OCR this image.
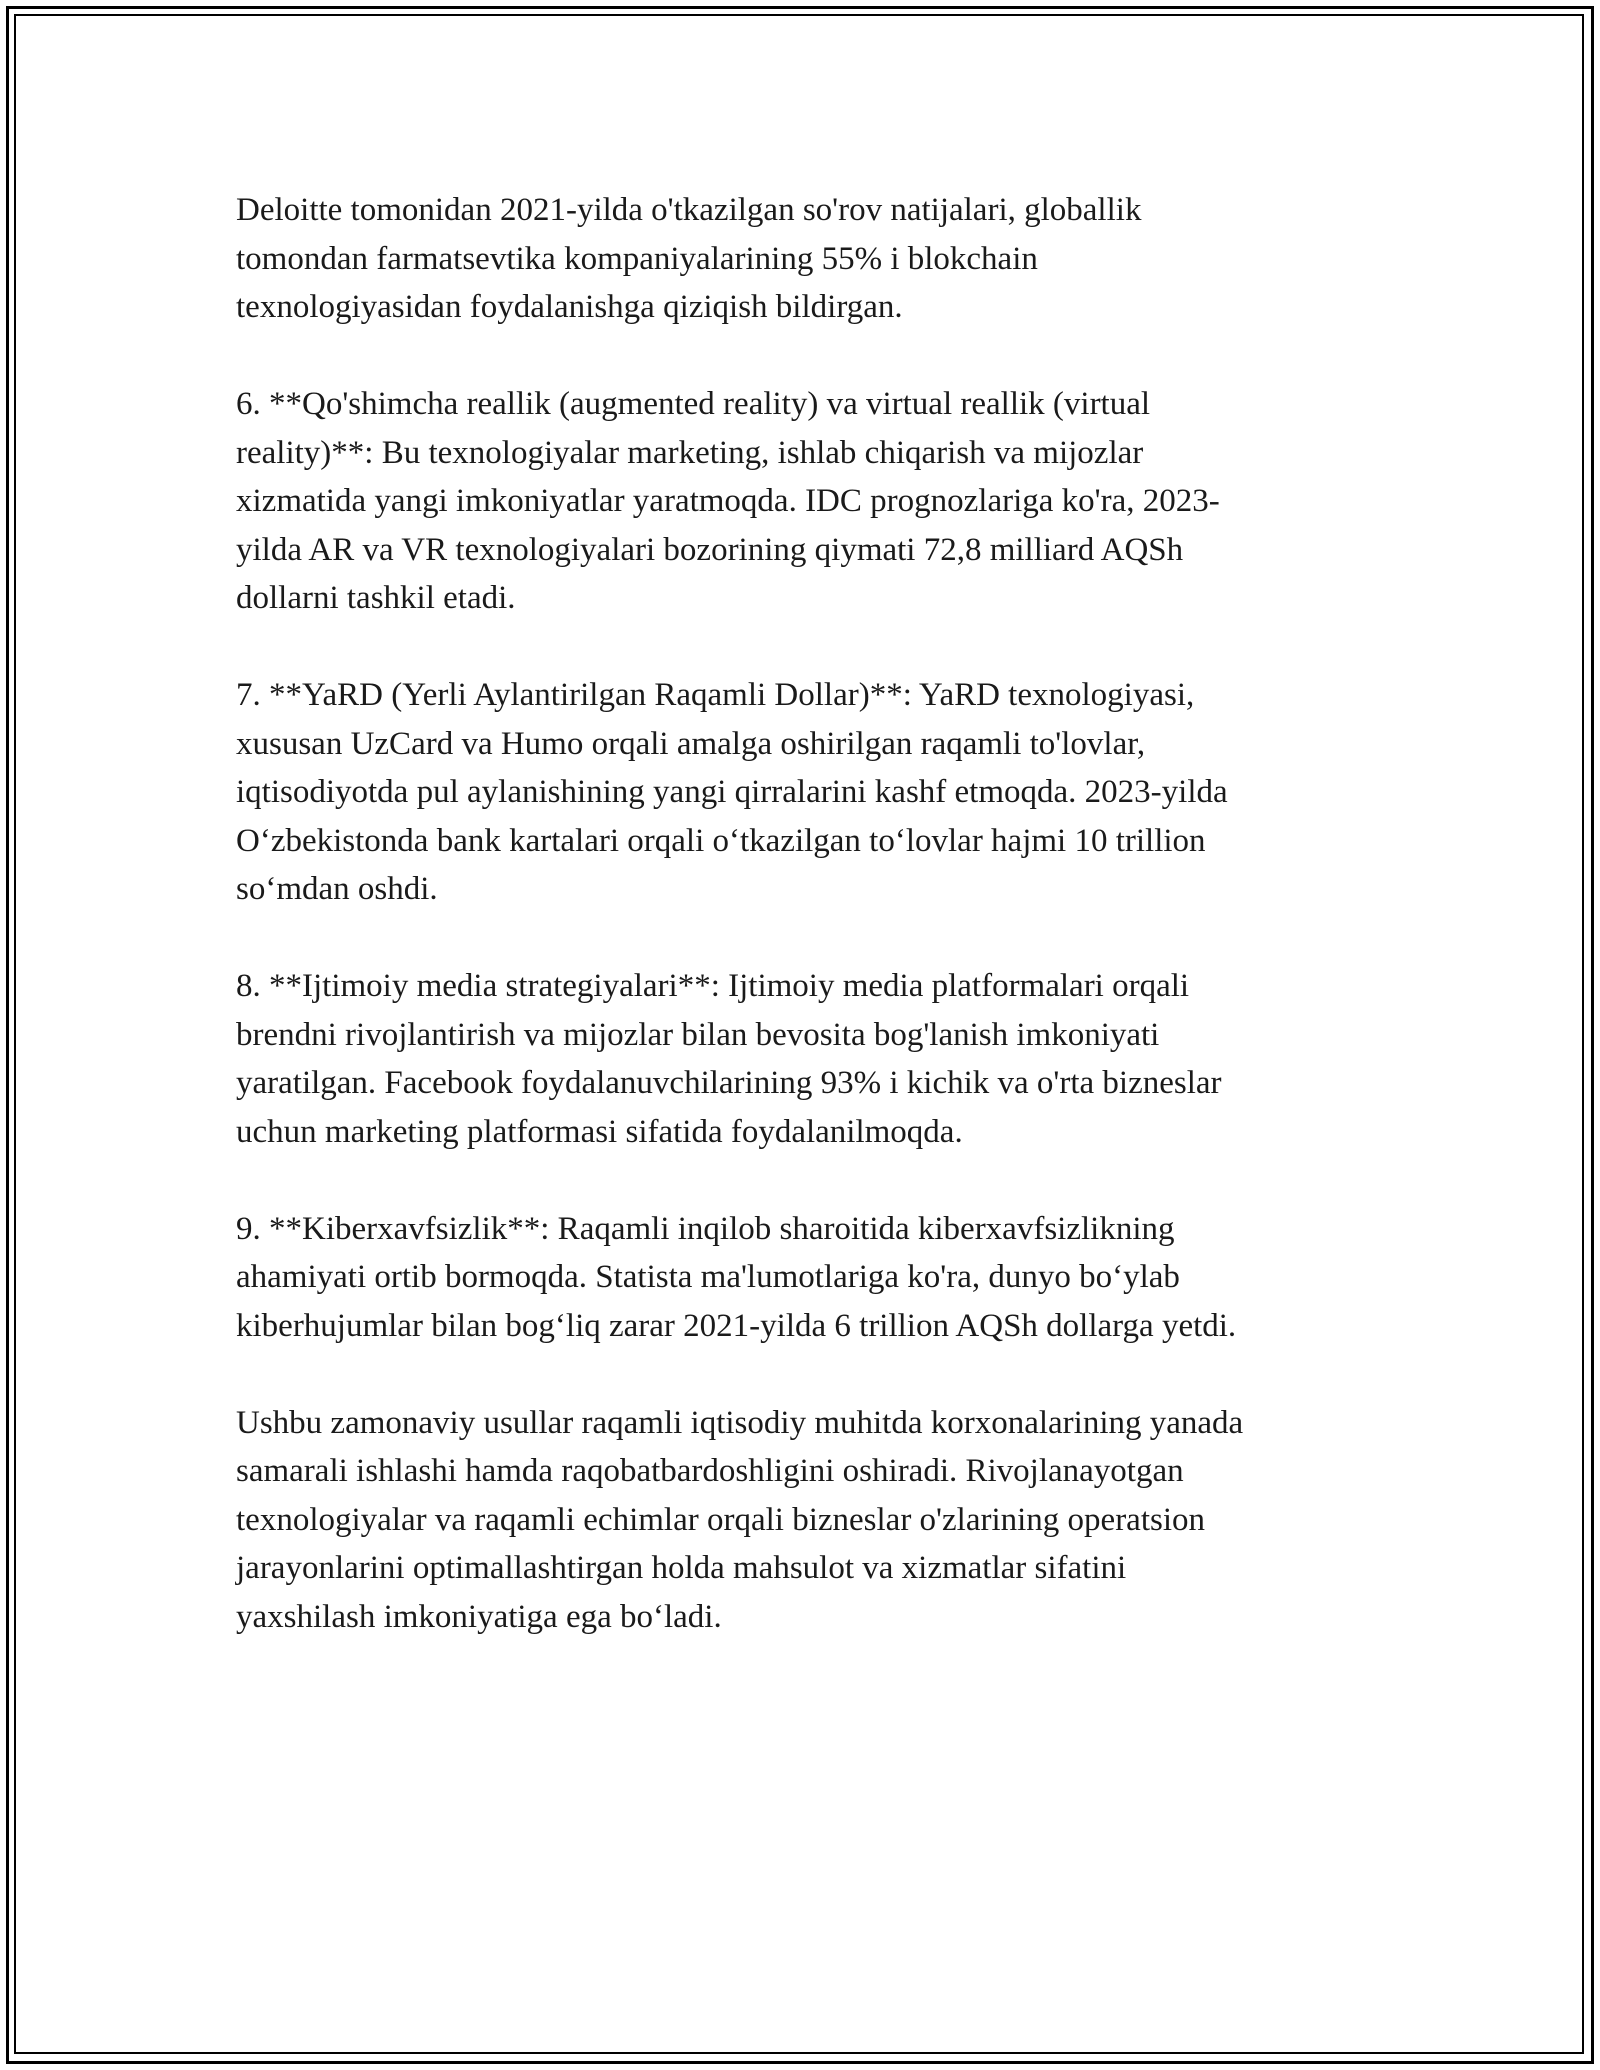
Deloitte tomonidan 2021-yilda o'tkazilgan so'rov natijalari, globallik
tomondan farmatsevtika kompaniyalarining 55% i blokchain
texnologiyasidan foydalanishga qiziqish bildirgan.

6. **Qo'shimcha reallik (augmented reality) va virtual reallik (virtual
reality)**: Bu texnologiyalar marketing, ishlab chiqarish va mijozlar
xizmatida yangi imkoniyatlar yaratmoqda. IDC prognozlariga ko'ra, 2023-
yilda AR va VR texnologiyalari bozorining qiymati 72,8 milliard AQSh
dollarni tashkil etadi.

7. **YaRD (Yerli Aylantirilgan Raqamli Dollar)**: YaRD texnologiyasi,
xususan UzCard va Humo orqali amalga oshirilgan raqamli to'lovlar,
iqtisodiyotda pul aylanishining yangi qirralarini kashf etmoqda. 2023-yilda
O‘zbekistonda bank kartalari orqali o‘tkazilgan to‘lovlar hajmi 10 trillion
so‘mdan oshdi.

8. **Ijtimoiy media strategiyalari**: Ijtimoiy media platformalari orqali
brendni rivojlantirish va mijozlar bilan bevosita bog'lanish imkoniyati
yaratilgan. Facebook foydalanuvchilarining 93% i kichik va o'rta bizneslar
uchun marketing platformasi sifatida foydalanilmoqda.

9. **Kiberxavfsizlik**: Raqamli inqilob sharoitida kiberxavfsizlikning
ahamiyati ortib bormoqda. Statista ma'lumotlariga ko'ra, dunyo bo‘ylab
kiberhujumlar bilan bog‘liq zarar 2021-yilda 6 trillion AQSh dollarga yetdi.

Ushbu zamonaviy usullar raqamli iqtisodiy muhitda korxonalarining yanada
samarali ishlashi hamda raqobatbardoshligini oshiradi. Rivojlanayotgan
texnologiyalar va raqamli echimlar orqali bizneslar o'zlarining operatsion
jarayonlarini optimallashtirgan holda mahsulot va xizmatlar sifatini
yaxshilash imkoniyatiga ega bo‘ladi.
